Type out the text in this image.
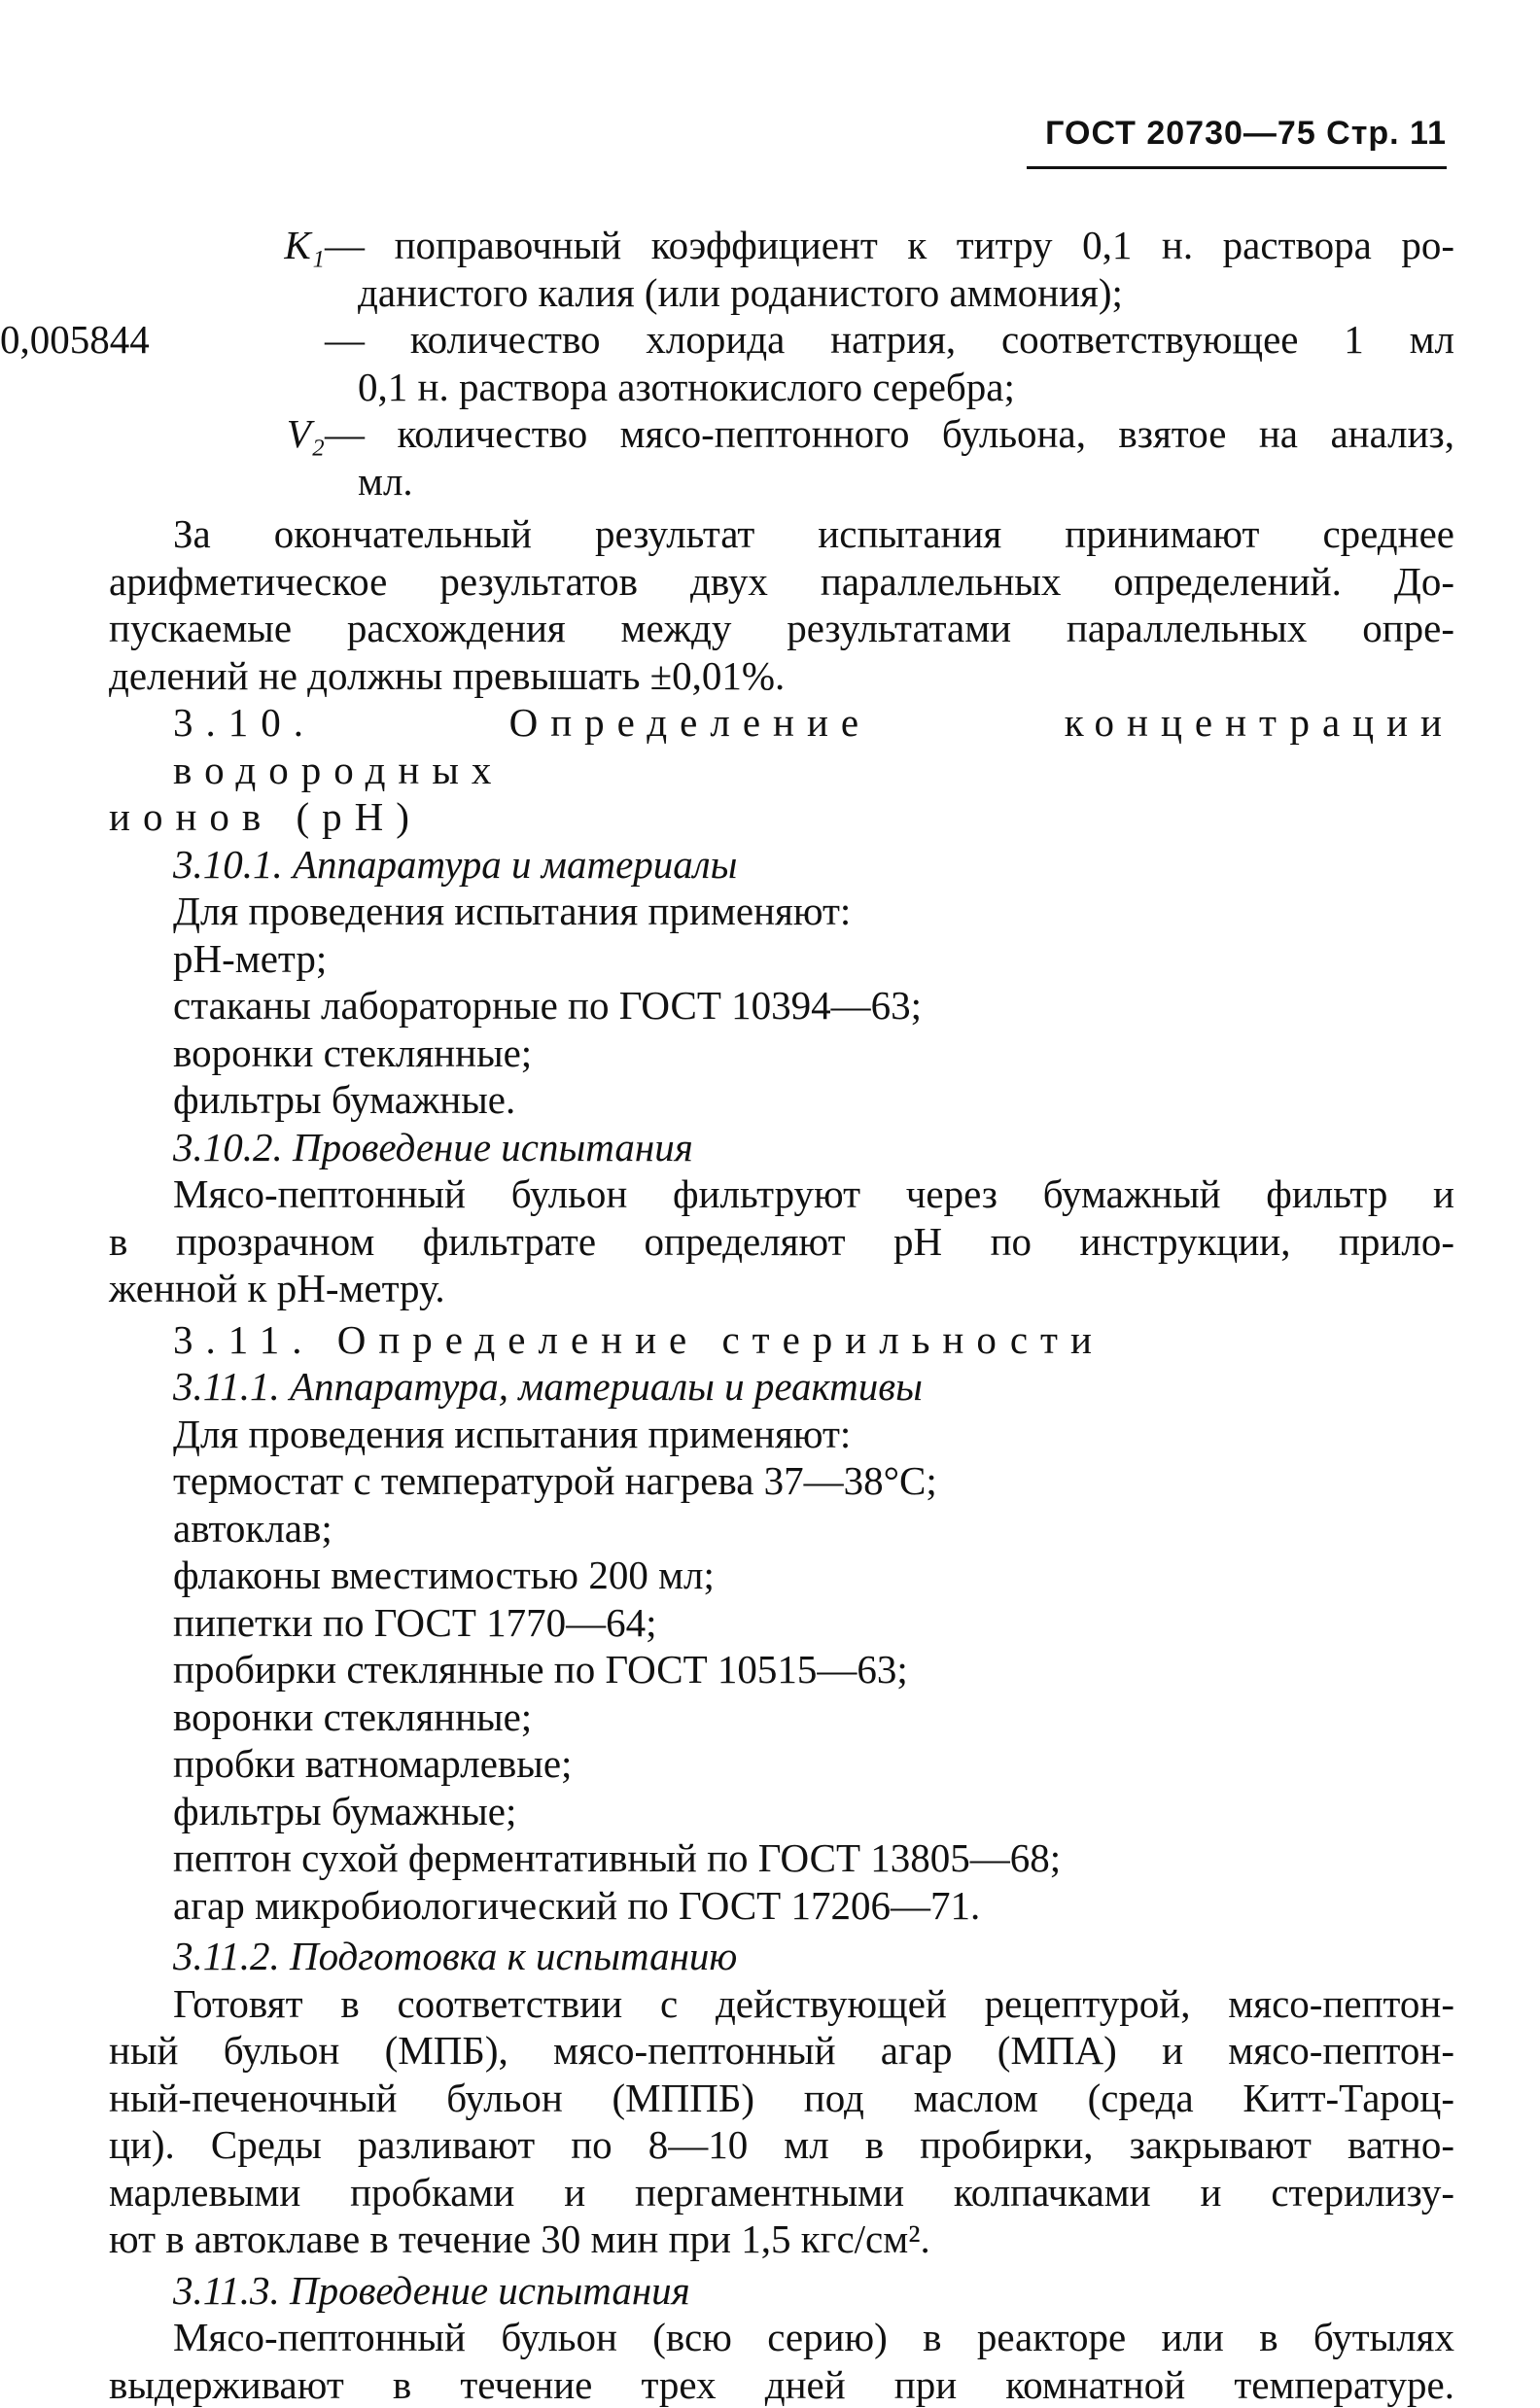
ГОСТ 20730—75 Стр. 11
K₁ — поправочный коэффициент к титру 0,1 н. раствора ро-
данистого калия (или роданистого аммония);
0,005844	— количество хлорида натрия, соответствующее 1 мл
0,1 н. раствора азотнокислого серебра;
V₂ — количество мясо-пептонного бульона, взятое на анализ,
мл.

За окончательный результат испытания принимают среднее
арифметическое результатов двух параллельных определений. До-
пускаемые расхождения между результатами параллельных опре-
делений не должны превышать ±0,01%.

3.10. Определение концентрации водородных
ионов (pH)

3.10.1. Аппаратура и материалы

Для проведения испытания применяют:
pH-метр;
стаканы лабораторные по ГОСТ 10394—63;
воронки стеклянные;
фильтры бумажные.

3.10.2. Проведение испытания

Мясо-пептонный бульон фильтруют через бумажный фильтр и
в прозрачном фильтрате определяют pH по инструкции, прило-
женной к pH-метру.

3.11. Определение стерильности

3.11.1. Аппаратура, материалы и реактивы

Для проведения испытания применяют:
термостат с температурой нагрева 37—38°С;
автоклав;
флаконы вместимостью 200 мл;
пипетки по ГОСТ 1770—64;
пробирки стеклянные по ГОСТ 10515—63;
воронки стеклянные;
пробки ватномарлевые;
фильтры бумажные;
пептон сухой ферментативный по ГОСТ 13805—68;
агар микробиологический по ГОСТ 17206—71.

3.11.2. Подготовка к испытанию

Готовят в соответствии с действующей рецептурой, мясо-пептон-
ный бульон (МПБ), мясо-пептонный агар (МПА) и мясо-пептон-
ный-печеночный бульон (МППБ) под маслом (среда Китт-Тароц-
ци). Среды разливают по 8—10 мл в пробирки, закрывают ватно-
марлевыми пробками и пергаментными колпачками и стерилизу-
ют в автоклаве в течение 30 мин при 1,5 кгс/см².

3.11.3. Проведение испытания

Мясо-пептонный бульон (всю серию) в реакторе или в бутылях
выдерживают в течение трех дней при комнатной температуре.
